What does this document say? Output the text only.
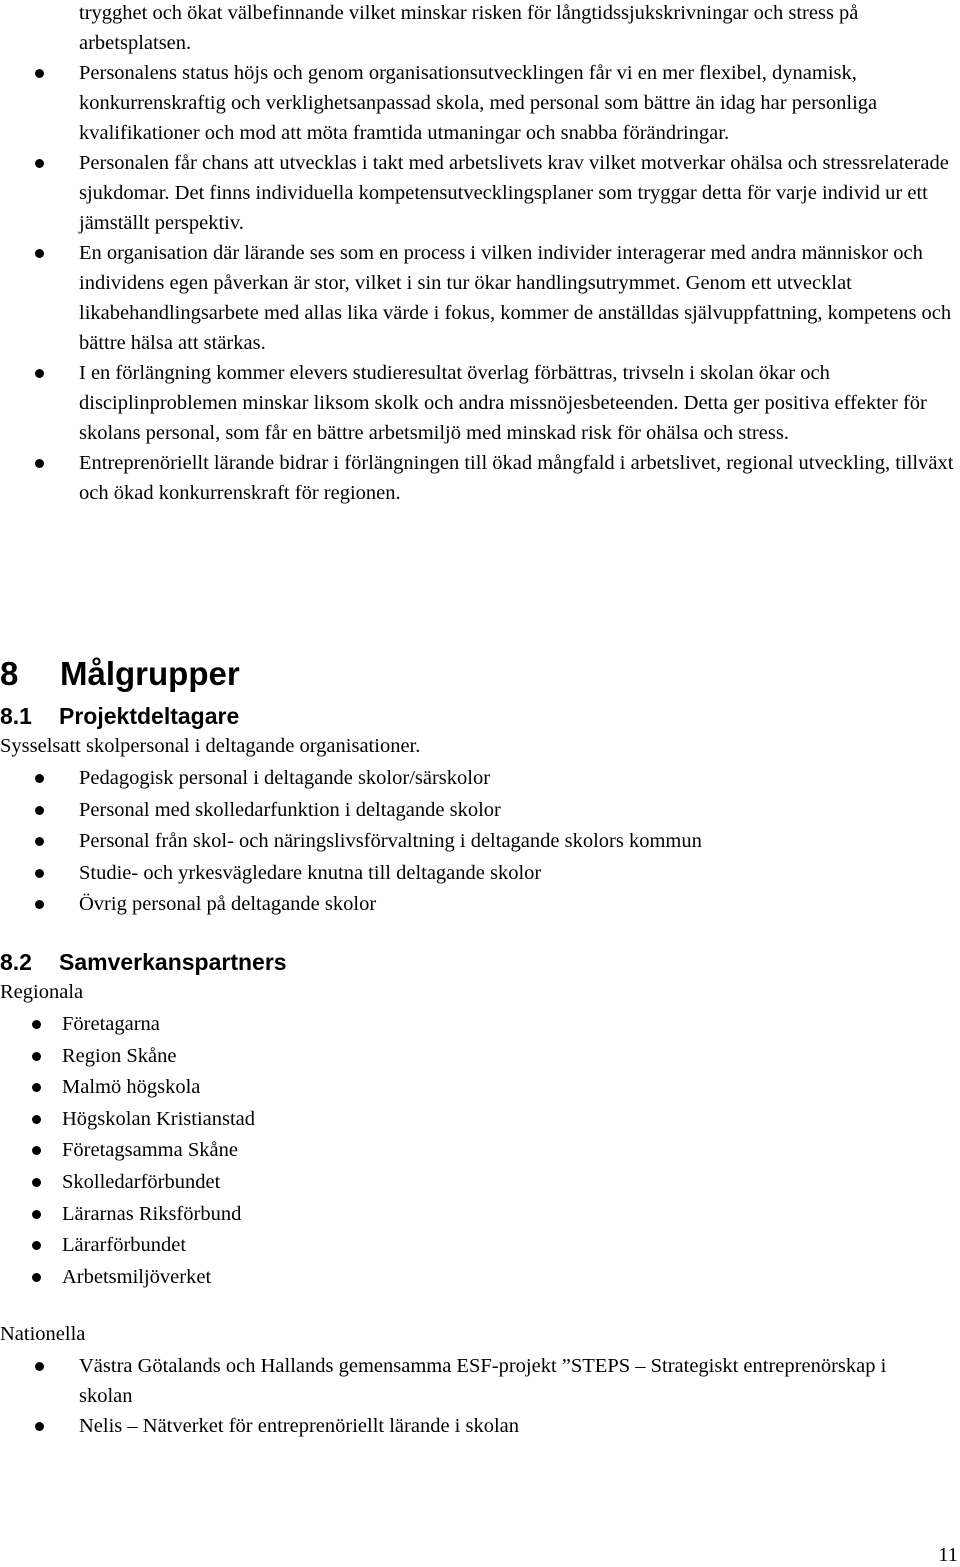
trygghet och ökat välbefinnande vilket minskar risken för långtidssjukskrivningar och stress på arbetsplatsen.
Personalens status höjs och genom organisationsutvecklingen får vi en mer flexibel, dynamisk, konkurrenskraftig och verklighetsanpassad skola, med personal som bättre än idag har personliga kvalifikationer och mod att möta framtida utmaningar och snabba förändringar.
Personalen får chans att utvecklas i takt med arbetslivets krav vilket motverkar ohälsa och stressrelaterade sjukdomar. Det finns individuella kompetensutvecklingsplaner som tryggar detta för varje individ ur ett jämställt perspektiv.
En organisation där lärande ses som en process i vilken individer interagerar med andra människor och individens egen påverkan är stor, vilket i sin tur ökar handlingsutrymmet. Genom ett utvecklat likabehandlingsarbete med allas lika värde i fokus, kommer de anställdas självuppfattning, kompetens och bättre hälsa att stärkas.
I en förlängning kommer elevers studieresultat överlag förbättras, trivseln i skolan ökar och disciplinproblemen minskar liksom skolk och andra missnöjesbeteenden. Detta ger positiva effekter för skolans personal, som får en bättre arbetsmiljö med minskad risk för ohälsa och stress.
Entreprenöriellt lärande bidrar i förlängningen till ökad mångfald i arbetslivet, regional utveckling, tillväxt och ökad konkurrenskraft för regionen.
8 Målgrupper
8.1 Projektdeltagare
Sysselsatt skolpersonal i deltagande organisationer.
Pedagogisk personal i deltagande skolor/särskolor
Personal med skolledarfunktion i deltagande skolor
Personal från skol- och näringslivsförvaltning i deltagande skolors kommun
Studie- och yrkesvägledare knutna till deltagande skolor
Övrig personal på deltagande skolor
8.2 Samverkanspartners
Regionala
Företagarna
Region Skåne
Malmö högskola
Högskolan Kristianstad
Företagsamma Skåne
Skolledarförbundet
Lärarnas Riksförbund
Lärarförbundet
Arbetsmiljöverket
Nationella
Västra Götalands och Hallands gemensamma ESF-projekt ”STEPS – Strategiskt entreprenörskap i skolan
Nelis – Nätverket för entreprenöriellt lärande i skolan
11
